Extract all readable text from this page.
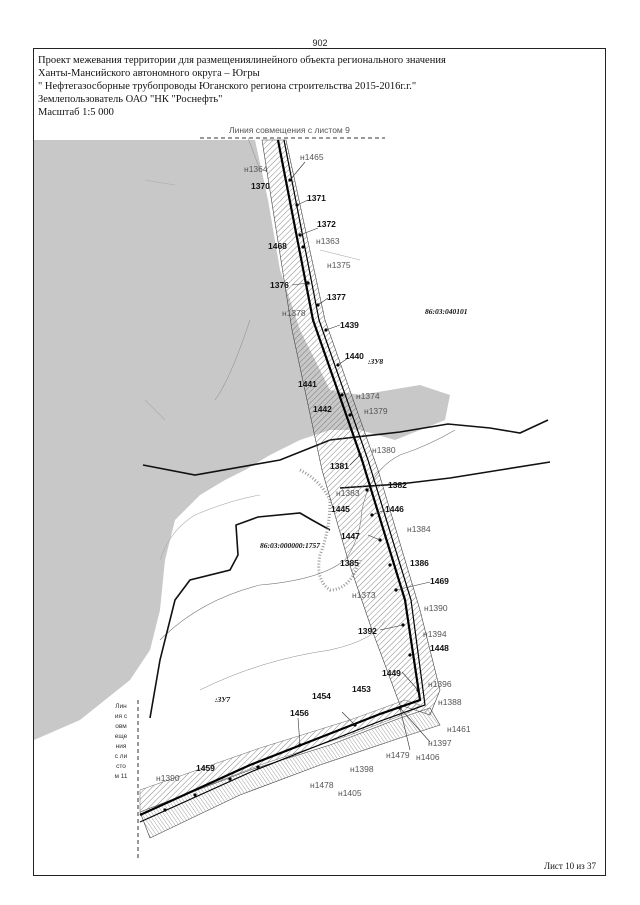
902
Проект межевания территории для размещениялинейного объекта регионального значения
Ханты-Мансийского автономного округа – Югры
" Нефтегазосборные трубопроводы Юганского региона строительства 2015-2016г.г."
Землепользователь ОАО "НК "Роснефть"
Масштаб 1:5 000
Линия совмещения с листом 9
86:03:040101
86:03:000000:1757
:ЗУ8
:ЗУ7
н1465
н1364
1370
1371
1372
н1363
1468
н1375
1376
1377
н1378
1439
1440
1441
н1374
1442	н1379
н1380
1381
1382
н1383
1445	1446
н1384
1447
1385	1386
1469
н1373
н1390
1392	н1394
1448
1449
н1396
1453
1454
н1388
1456
н1461
н1397
н1479 н1406
н1398
н1390
1459
н1478
н1405
Линия совмещения с листом 11
Лист 10 из 37
